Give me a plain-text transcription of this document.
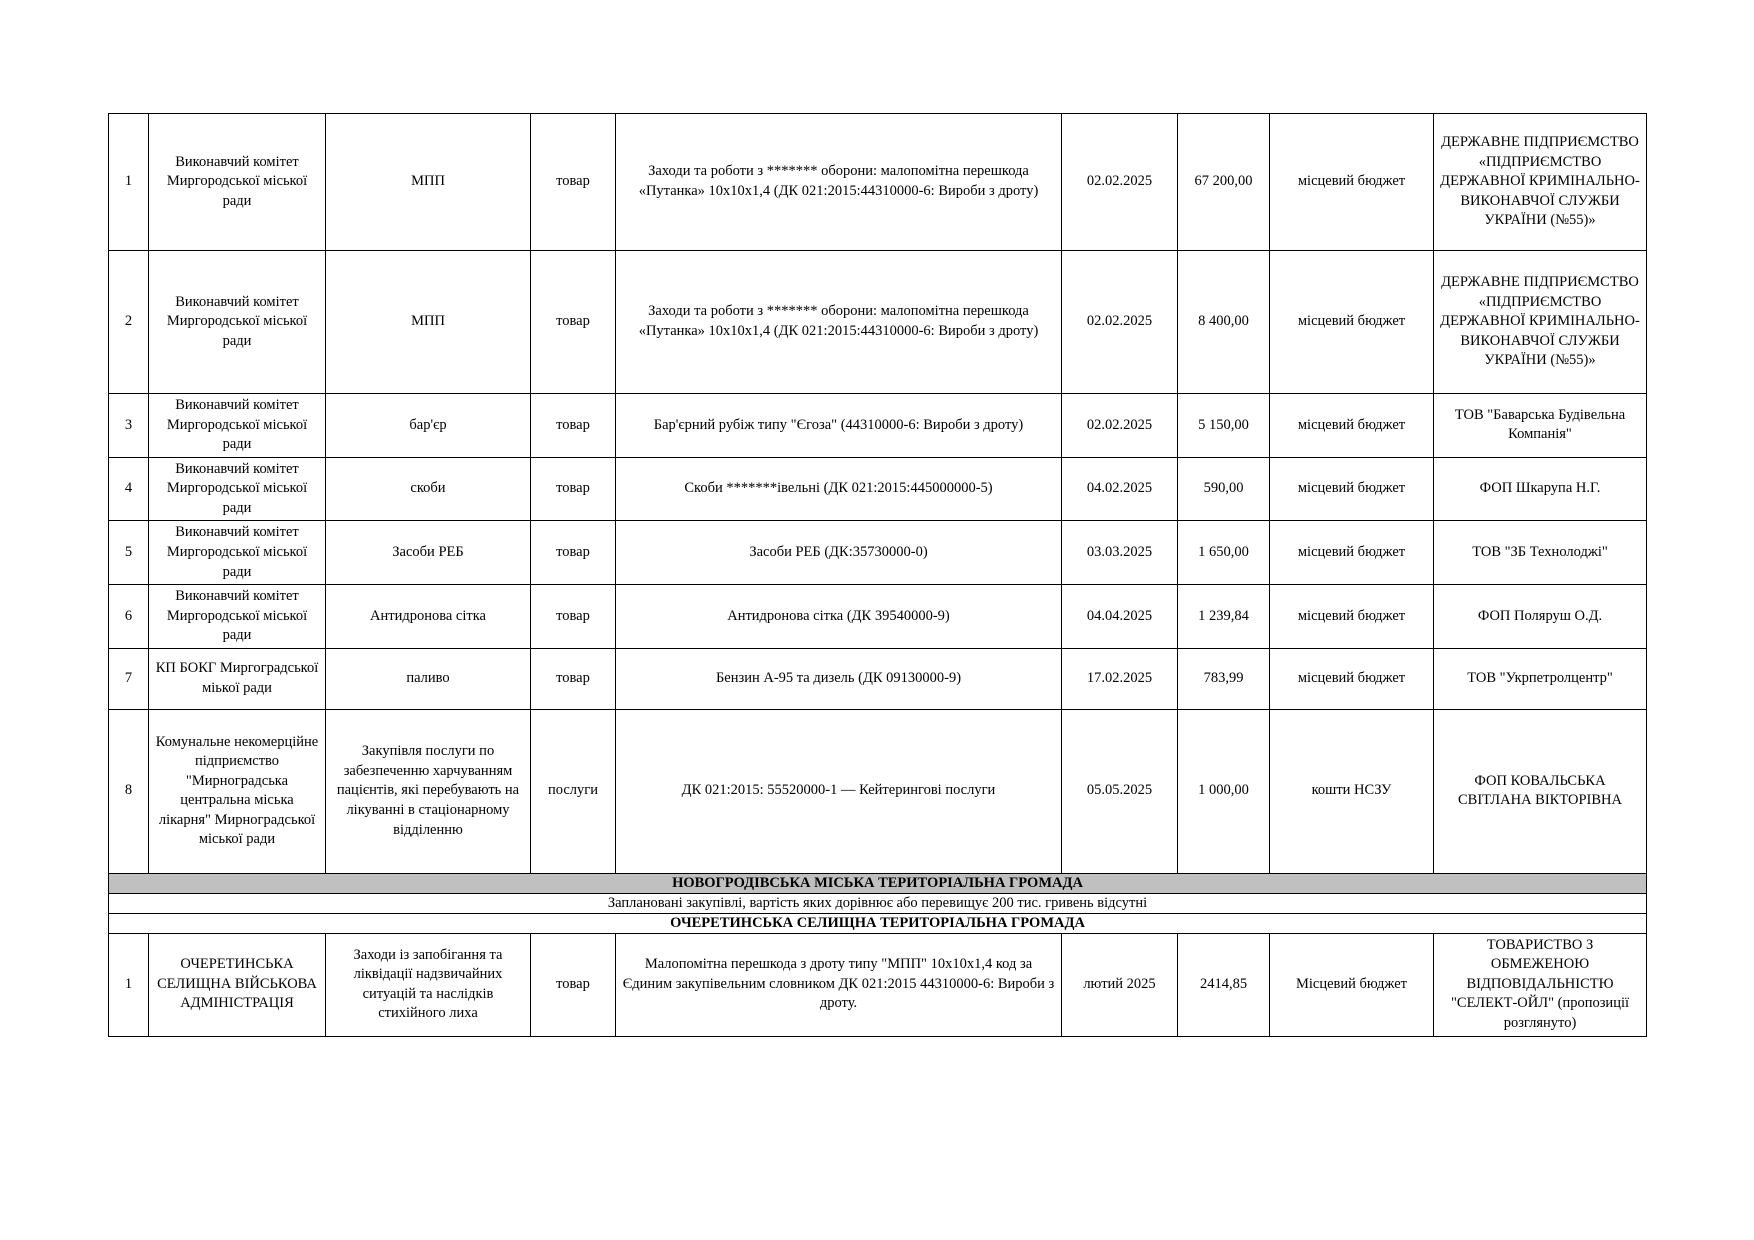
1	Виконавчий комітет Миргородської міської ради	МПП	товар	Заходи та роботи з ******* оборони: малопомітна перешкода «Путанка» 10х10х1,4 (ДК 021:2015:44310000-6: Вироби з дроту)	02.02.2025	67 200,00	місцевий бюджет	ДЕРЖАВНЕ ПІДПРИЄМСТВО «ПІДПРИЄМСТВО ДЕРЖАВНОЇ КРИМІНАЛЬНО-ВИКОНАВЧОЇ СЛУЖБИ УКРАЇНИ (№55)»
2	Виконавчий комітет Миргородської міської ради	МПП	товар	Заходи та роботи з ******* оборони: малопомітна перешкода «Путанка» 10х10х1,4 (ДК 021:2015:44310000-6: Вироби з дроту)	02.02.2025	8 400,00	місцевий бюджет	ДЕРЖАВНЕ ПІДПРИЄМСТВО «ПІДПРИЄМСТВО ДЕРЖАВНОЇ КРИМІНАЛЬНО-ВИКОНАВЧОЇ СЛУЖБИ УКРАЇНИ (№55)»
3	Виконавчий комітет Миргородської міської ради	бар'єр	товар	Бар'єрний рубіж типу "Єгоза" (44310000-6: Вироби з дроту)	02.02.2025	5 150,00	місцевий бюджет	ТОВ "Баварська Будівельна Компанія"
4	Виконавчий комітет Миргородської міської ради	скоби	товар	Скоби *******івельні (ДК 021:2015:445000000-5)	04.02.2025	590,00	місцевий бюджет	ФОП Шкарупа Н.Г.
5	Виконавчий комітет Миргородської міської ради	Засоби РЕБ	товар	Засоби РЕБ (ДК:35730000-0)	03.03.2025	1 650,00	місцевий бюджет	ТОВ "ЗБ Технолоджі"
6	Виконавчий комітет Миргородської міської ради	Антидронова сітка	товар	Антидронова сітка (ДК 39540000-9)	04.04.2025	1 239,84	місцевий бюджет	ФОП Поляруш О.Д.
7	КП БОКГ Миргоградської міької ради	паливо	товар	Бензин А-95 та дизель (ДК 09130000-9)	17.02.2025	783,99	місцевий бюджет	ТОВ "Укрпетролцентр"
8	Комунальне некомерційне підприємство "Мирноградська центральна міська лікарня" Мирноградської міської ради	Закупівля послуги по забезпеченню харчуванням пацієнтів, які перебувають на лікуванні в стаціонарному відділенню	послуги	ДК 021:2015: 55520000-1 — Кейтерингові послуги	05.05.2025	1 000,00	кошти НСЗУ	ФОП КОВАЛЬСЬКА СВІТЛАНА ВІКТОРІВНА
НОВОГРОДІВСЬКА МІСЬКА ТЕРИТОРІАЛЬНА ГРОМАДА								
Заплановані закупівлі, вартість яких дорівнює або перевищує 200 тис. гривень відсутні								
ОЧЕРЕТИНСЬКА СЕЛИЩНА ТЕРИТОРІАЛЬНА ГРОМАДА								
1	ОЧЕРЕТИНСЬКА СЕЛИЩНА ВІЙСЬКОВА АДМІНІСТРАЦІЯ	Заходи із запобігання та ліквідації надзвичайних ситуацій та наслідків стихійного лиха	товар	Малопомітна перешкода з дроту типу "МПП" 10х10х1,4 код за Єдиним закупівельним словником ДК 021:2015 44310000-6: Вироби з дроту.	лютий 2025	2414,85	Місцевий бюджет	ТОВАРИСТВО З ОБМЕЖЕНОЮ ВІДПОВІДАЛЬНІСТЮ "СЕЛЕКТ-ОЙЛ" (пропозиції розглянуто)
